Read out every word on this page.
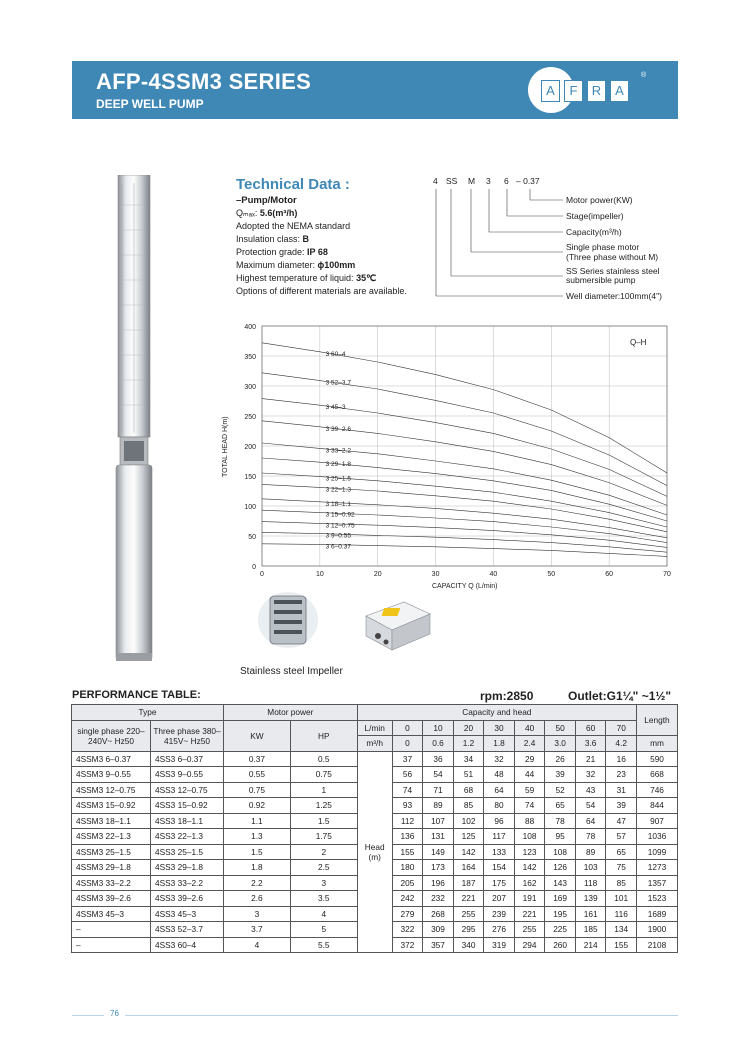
AFP-4SSM3 SERIES
DEEP WELL PUMP
A	F	R	A
®
Stainless steel Impeller
Technical Data :
–Pump/Motor
Qₘₐₓ: 5.6(m³/h)
Adopted the NEMA standard
Insulation class: B
Protection grade: IP 68
Maximum diameter: ϕ100mm
Highest temperature of liquid: 35℃
Options of different materials are available.
4 SS M 3 6 – 0.37
Motor power(KW)
Stage(impeller)
Capacity(m³/h)
Single phase motor
(Three phase without M)
SS Series stainless steel
submersible pump
Well diameter:100mm(4")
Q–H
CAPACITY Q (L/min)
TOTAL HEAD H(m)
0
50
100
150
200
250
300
350
400
0	10	20	30	40	50	60	70
3 60–4
3 52–3.7
3 45–3
3 39–2.6
3 33–2.2
3 29–1.8
3 25–1.5
3 22–1.3
3 18–1.1
3 15–0.92
3 12–0.75
3 9–0.55
3 6–0.37
PERFORMANCE TABLE:	rpm:2850	Outlet:G1¼" ~1½"
Type		Motor power		Capacity and head									Length
single phase 220–240V~ Hz50	Three phase 380–415V~ Hz50												
		KW	HP	L/min	0	10	20	30	40	50	60	70	
				m³/h	0	0.6	1.2	1.8	2.4	3.0	3.6	4.2	mm
4SSM3 6–0.37	4SS3 6–0.37	0.37	0.5	Head (m)	37	36	34	32	29	26	21	16	590
4SSM3 9–0.55	4SS3 9–0.55	0.55	0.75		56	54	51	48	44	39	32	23	668
4SSM3 12–0.75	4SS3 12–0.75	0.75	1		74	71	68	64	59	52	43	31	746
4SSM3 15–0.92	4SS3 15–0.92	0.92	1.25		93	89	85	80	74	65	54	39	844
4SSM3 18–1.1	4SS3 18–1.1	1.1	1.5		112	107	102	96	88	78	64	47	907
4SSM3 22–1.3	4SS3 22–1.3	1.3	1.75		136	131	125	117	108	95	78	57	1036
4SSM3 25–1.5	4SS3 25–1.5	1.5	2		155	149	142	133	123	108	89	65	1099
4SSM3 29–1.8	4SS3 29–1.8	1.8	2.5		180	173	164	154	142	126	103	75	1273
4SSM3 33–2.2	4SS3 33–2.2	2.2	3		205	196	187	175	162	143	118	85	1357
4SSM3 39–2.6	4SS3 39–2.6	2.6	3.5		242	232	221	207	191	169	139	101	1523
4SSM3 45–3	4SS3 45–3	3	4		279	268	255	239	221	195	161	116	1689
–	4SS3 52–3.7	3.7	5		322	309	295	276	255	225	185	134	1900
–	4SS3 60–4	4	5.5		372	357	340	319	294	260	214	155	2108
76
